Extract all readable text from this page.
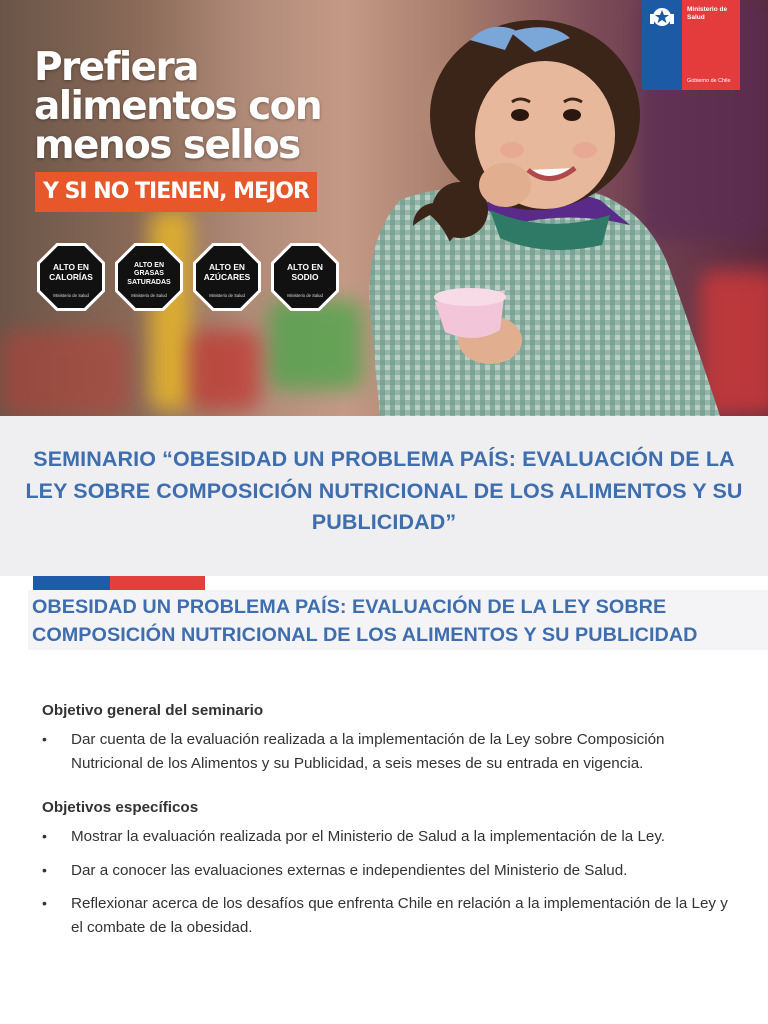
Prefiera
alimentos con
menos sellos
Y SI NO TIENEN, MEJOR
ALTO EN CALORÍAS
Ministerio de Salud
ALTO EN GRASAS SATURADAS
Ministerio de Salud
ALTO EN AZÚCARES
Ministerio de Salud
ALTO EN SODIO
Ministerio de Salud
Ministerio de Salud
Gobierno de Chile
SEMINARIO “OBESIDAD UN PROBLEMA PAÍS: EVALUACIÓN DE LA LEY SOBRE COMPOSICIÓN NUTRICIONAL DE LOS ALIMENTOS Y SU PUBLICIDAD”
OBESIDAD UN PROBLEMA PAÍS: EVALUACIÓN DE LA LEY SOBRE COMPOSICIÓN NUTRICIONAL DE LOS ALIMENTOS Y SU PUBLICIDAD
Objetivo general del seminario
• Dar cuenta de la evaluación realizada a la implementación de la Ley sobre Composición Nutricional de los Alimentos y su Publicidad, a seis meses de su entrada en vigencia.
Objetivos específicos
• Mostrar la evaluación realizada por el Ministerio de Salud a la implementación de la Ley.
• Dar a conocer las evaluaciones externas e independientes del Ministerio de Salud.
• Reflexionar acerca de los desafíos que enfrenta Chile en relación a la implementación de la Ley y el combate de la obesidad.
